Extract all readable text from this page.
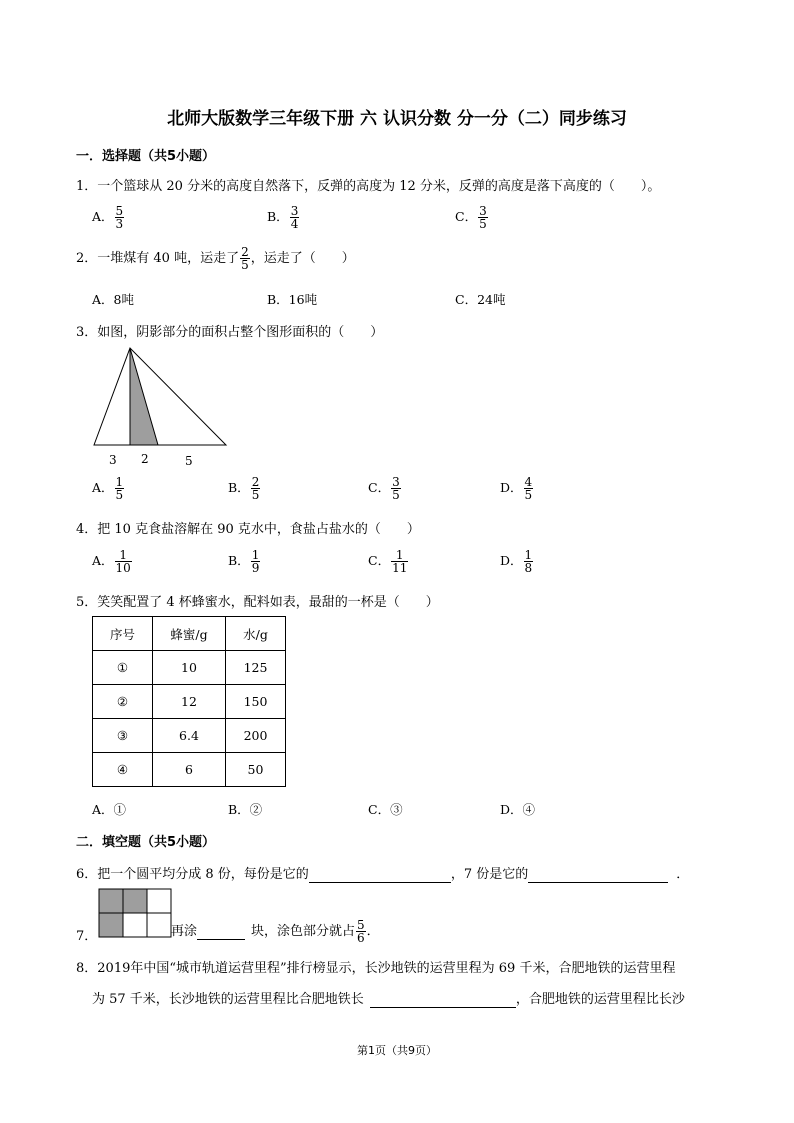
北师大版数学三年级下册 六 认识分数 分一分（二）同步练习
一．选择题（共5小题）
1．一个篮球从 20 分米的高度自然落下，反弹的高度为 12 分米，反弹的高度是落下高度的（　　）。
A． $\frac{5}{3}$	B． $\frac{3}{4}$	C． $\frac{3}{5}$
2．一堆煤有 40 吨，运走了 $\frac{2}{5}$ ，运走了（　　）
A．8吨	B．16吨	C．24吨
3．如图，阴影部分的面积占整个图形面积的（　　）
3 2	5
A． $\frac{1}{5}$	B． $\frac{2}{5}$	C． $\frac{3}{5}$	D． $\frac{4}{5}$
4．把 10 克食盐溶解在 90 克水中，食盐占盐水的（　　）
A． $\frac{1}{10}$	B． $\frac{1}{9}$	C． $\frac{1}{11}$	D． $\frac{1}{8}$
5．笑笑配置了 4 杯蜂蜜水，配料如表，最甜的一杯是（　　）
序号	蜂蜜/g	水/g
①	10	125
②	12	150
③	6.4	200
④	6	50
A．①	B．②	C．③	D．④
二．填空题（共5小题）
6．把一个圆平均分成 8 份，每份是它的	，7 份是它的	．
7．	再涂	块，涂色部分就占 $\frac{5}{6}$ ．
8．2019年中国“城市轨道运营里程”排行榜显示，长沙地铁的运营里程为 69 千米，合肥地铁的运营里程
为 57 千米，长沙地铁的运营里程比合肥地铁长	，合肥地铁的运营里程比长沙
第1页（共9页）
